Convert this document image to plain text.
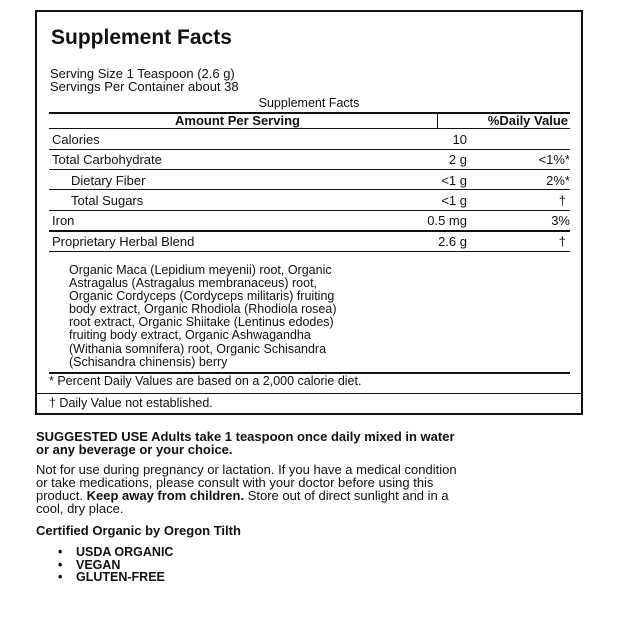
Supplement Facts
Serving Size 1 Teaspoon (2.6 g)
Servings Per Container about 38
Supplement Facts
Amount Per Serving	%Daily Value
Calories	10
Total Carbohydrate	2 g	<1%*
Dietary Fiber	<1 g	2%*
Total Sugars	<1 g	†
Iron	0.5 mg	3%
Proprietary Herbal Blend	2.6 g	†
Organic Maca (Lepidium meyenii) root, Organic
Astragalus (Astragalus membranaceus) root,
Organic Cordyceps (Cordyceps militaris) fruiting
body extract, Organic Rhodiola (Rhodiola rosea)
root extract, Organic Shiitake (Lentinus edodes)
fruiting body extract, Organic Ashwagandha
(Withania somnifera) root, Organic Schisandra
(Schisandra chinensis) berry
* Percent Daily Values are based on a 2,000 calorie diet.
† Daily Value not established.
SUGGESTED USE Adults take 1 teaspoon once daily mixed in water
or any beverage or your choice.
Not for use during pregnancy or lactation. If you have a medical condition
or take medications, please consult with your doctor before using this
product. Keep away from children. Store out of direct sunlight and in a
cool, dry place.
Certified Organic by Oregon Tilth
• USDA ORGANIC
• VEGAN
• GLUTEN-FREE
